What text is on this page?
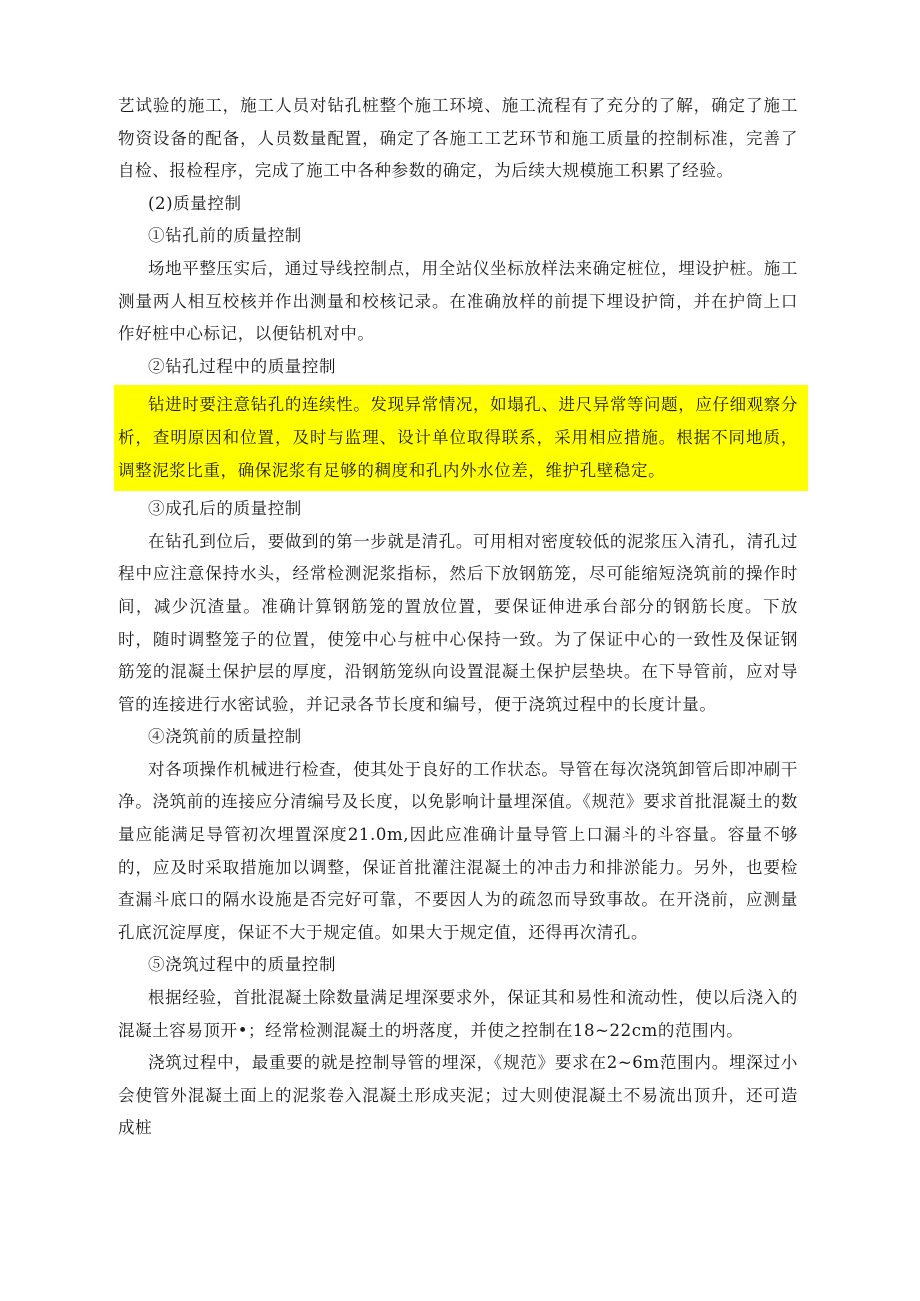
艺试验的施工，施工人员对钻孔桩整个施工环境、施工流程有了充分的了解，确定了施工物资设备的配备，人员数量配置，确定了各施工工艺环节和施工质量的控制标准，完善了自检、报检程序，完成了施工中各种参数的确定，为后续大规模施工积累了经验。

(2)质量控制

①钻孔前的质量控制

场地平整压实后，通过导线控制点，用全站仪坐标放样法来确定桩位，埋设护桩。施工测量两人相互校核并作出测量和校核记录。在准确放样的前提下埋设护筒，并在护筒上口作好桩中心标记，以便钻机对中。

②钻孔过程中的质量控制

钻进时要注意钻孔的连续性。发现异常情况，如塌孔、进尺异常等问题，应仔细观察分析，查明原因和位置，及时与监理、设计单位取得联系，采用相应措施。根据不同地质，调整泥浆比重，确保泥浆有足够的稠度和孔内外水位差，维护孔壁稳定。

③成孔后的质量控制

在钻孔到位后，要做到的第一步就是清孔。可用相对密度较低的泥浆压入清孔，清孔过程中应注意保持水头，经常检测泥浆指标，然后下放钢筋笼，尽可能缩短浇筑前的操作时间，减少沉渣量。准确计算钢筋笼的置放位置，要保证伸进承台部分的钢筋长度。下放时，随时调整笼子的位置，使笼中心与桩中心保持一致。为了保证中心的一致性及保证钢筋笼的混凝土保护层的厚度，沿钢筋笼纵向设置混凝土保护层垫块。在下导管前，应对导管的连接进行水密试验，并记录各节长度和编号，便于浇筑过程中的长度计量。

④浇筑前的质量控制

对各项操作机械进行检查，使其处于良好的工作状态。导管在每次浇筑卸管后即冲刷干净。浇筑前的连接应分清编号及长度，以免影响计量埋深值。《规范》要求首批混凝土的数量应能满足导管初次埋置深度21.0m,因此应准确计量导管上口漏斗的斗容量。容量不够的，应及时采取措施加以调整，保证首批灌注混凝土的冲击力和排淤能力。另外，也要检查漏斗底口的隔水设施是否完好可靠，不要因人为的疏忽而导致事故。在开浇前，应测量孔底沉淀厚度，保证不大于规定值。如果大于规定值，还得再次清孔。

⑤浇筑过程中的质量控制

根据经验，首批混凝土除数量满足埋深要求外，保证其和易性和流动性，使以后浇入的混凝土容易顶开•；经常检测混凝土的坍落度，并使之控制在18~22cm的范围内。

浇筑过程中，最重要的就是控制导管的埋深，《规范》要求在2~6m范围内。埋深过小会使管外混凝土面上的泥浆卷入混凝土形成夹泥；过大则使混凝土不易流出顶升，还可造成桩
